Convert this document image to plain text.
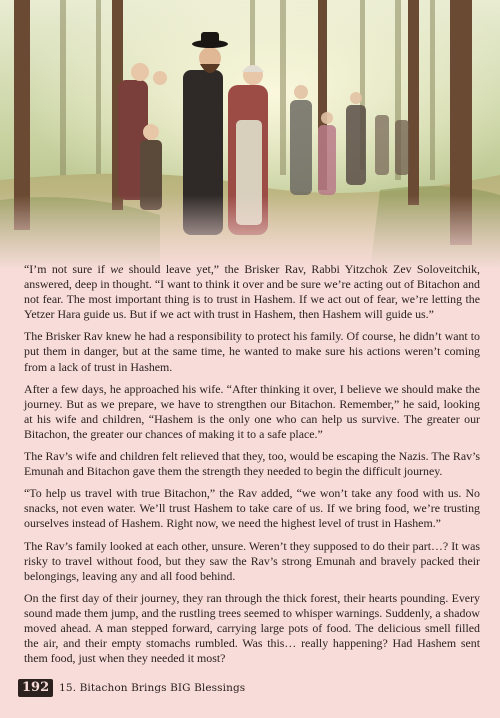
“I’m not sure if we should leave yet,” the Brisker Rav, Rabbi Yitzchok Zev Soloveitchik, answered, deep in thought. “I want to think it over and be sure we’re acting out of Bitachon and not fear. The most important thing is to trust in Hashem. If we act out of fear, we’re letting the Yetzer Hara guide us. But if we act with trust in Hashem, then Hashem will guide us.”

The Brisker Rav knew he had a responsibility to protect his family. Of course, he didn’t want to put them in danger, but at the same time, he wanted to make sure his actions weren’t coming from a lack of trust in Hashem.

After a few days, he approached his wife. “After thinking it over, I believe we should make the journey. But as we prepare, we have to strengthen our Bitachon. Remember,” he said, looking at his wife and children, “Hashem is the only one who can help us survive. The greater our Bitachon, the greater our chances of making it to a safe place.”

The Rav’s wife and children felt relieved that they, too, would be escaping the Nazis. The Rav’s Emunah and Bitachon gave them the strength they needed to begin the difficult journey.

“To help us travel with true Bitachon,” the Rav added, “we won’t take any food with us. No snacks, not even water. We’ll trust Hashem to take care of us. If we bring food, we’re trusting ourselves instead of Hashem. Right now, we need the highest level of trust in Hashem.”

The Rav’s family looked at each other, unsure. Weren’t they supposed to do their part…? It was risky to travel without food, but they saw the Rav’s strong Emunah and bravely packed their belongings, leaving any and all food behind.

On the first day of their journey, they ran through the thick forest, their hearts pounding. Every sound made them jump, and the rustling trees seemed to whisper warnings. Suddenly, a shadow moved ahead. A man stepped forward, carrying large pots of food. The delicious smell filled the air, and their empty stomachs rumbled. Was this… really happening? Had Hashem sent them food, just when they needed it most?

192 15. Bitachon Brings BIG Blessings
